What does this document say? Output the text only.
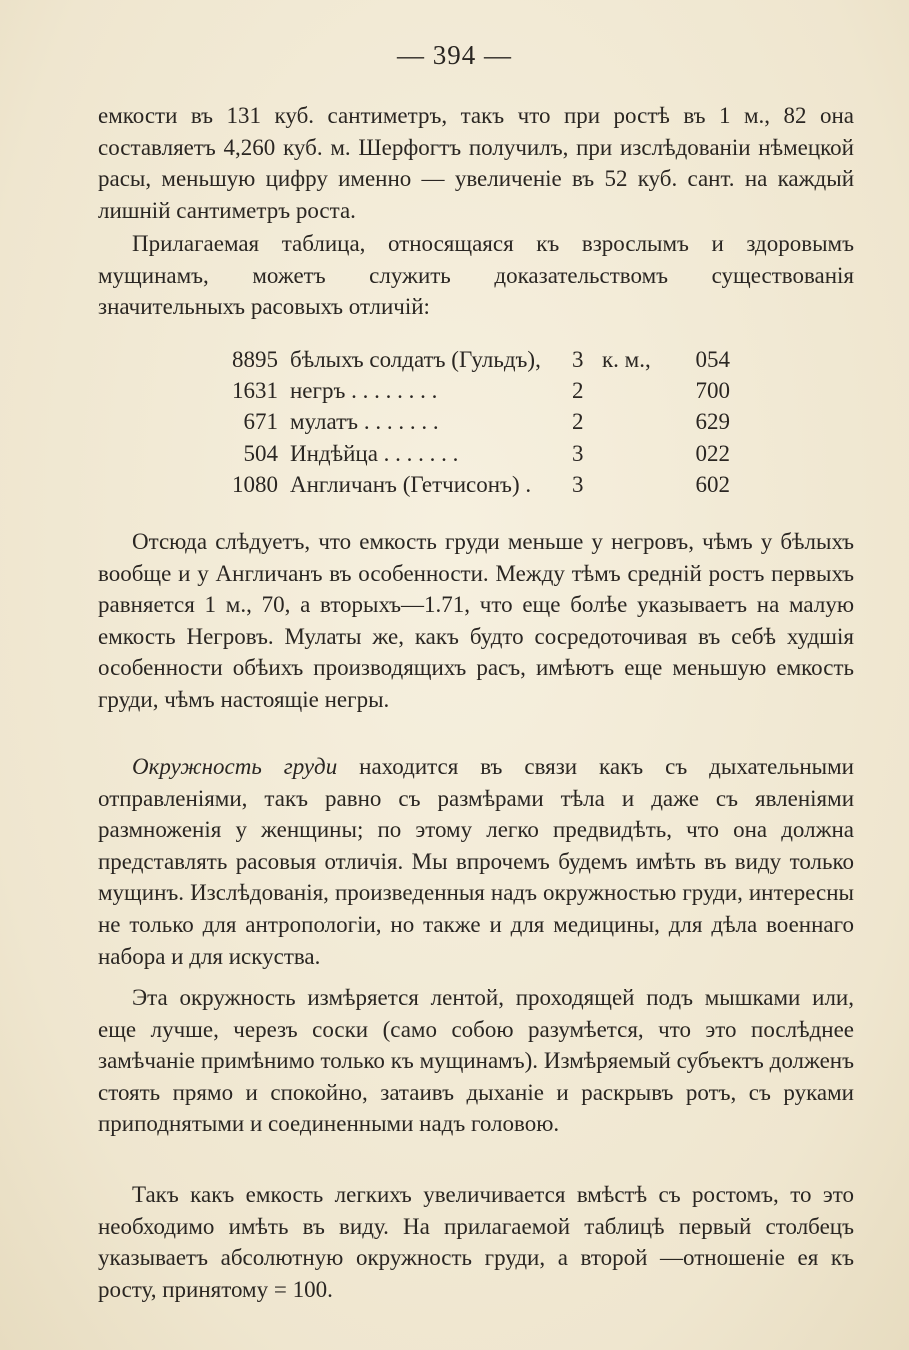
— 394 —

емкости въ 131 куб. сантиметръ, такъ что при ростѣ въ 1 м., 82 она составляетъ 4,260 куб. м. Шерфогтъ получилъ, при изслѣдованіи нѣмецкой расы, меньшую цифру именно — увеличеніе въ 52 куб. сант. на каждый лишній сантиметръ роста.

Прилагаемая таблица, относящаяся къ взрослымъ и здоровымъ мущинамъ, можетъ служить доказательствомъ существованія значительныхъ расовыхъ отличій:

8895 бѣлыхъ солдатъ (Гульдъ),	3 к. м.,	054
1631 негръ . . . . . . . .	2	700
671 мулатъ . . . . . . .	2	629
504 Индѣйца . . . . . . .	3	022
1080 Англичанъ (Гетчисонъ) .	3	602

Отсюда слѣдуетъ, что емкость груди меньше у негровъ, чѣмъ у бѣлыхъ вообще и у Англичанъ въ особенности. Между тѣмъ средній ростъ первыхъ равняется 1 м., 70, а вторыхъ—1.71, что еще болѣе указываетъ на малую емкость Негровъ. Мулаты же, какъ будто сосредоточивая въ себѣ худшія особенности обѣихъ производящихъ расъ, имѣютъ еще меньшую емкость груди, чѣмъ настоящіе негры.

Окружность груди находится въ связи какъ съ дыхательными отправленіями, такъ равно съ размѣрами тѣла и даже съ явленіями размноженія у женщины; по этому легко предвидѣть, что она должна представлять расовыя отличія. Мы впрочемъ будемъ имѣть въ виду только мущинъ. Изслѣдованія, произведенныя надъ окружностью груди, интересны не только для антропологіи, но также и для медицины, для дѣла военнаго набора и для искуства.

Эта окружность измѣряется лентой, проходящей подъ мышками или, еще лучше, черезъ соски (само собою разумѣется, что это послѣднее замѣчаніе примѣнимо только къ мущинамъ). Измѣряемый субъектъ долженъ стоять прямо и спокойно, затаивъ дыханіе и раскрывъ ротъ, съ руками приподнятыми и соединенными надъ головою.

Такъ какъ емкость легкихъ увеличивается вмѣстѣ съ ростомъ, то это необходимо имѣть въ виду. На прилагаемой таблицѣ первый столбецъ указываетъ абсолютную окружность груди, а второй —отношеніе ея къ росту, принятому = 100.
